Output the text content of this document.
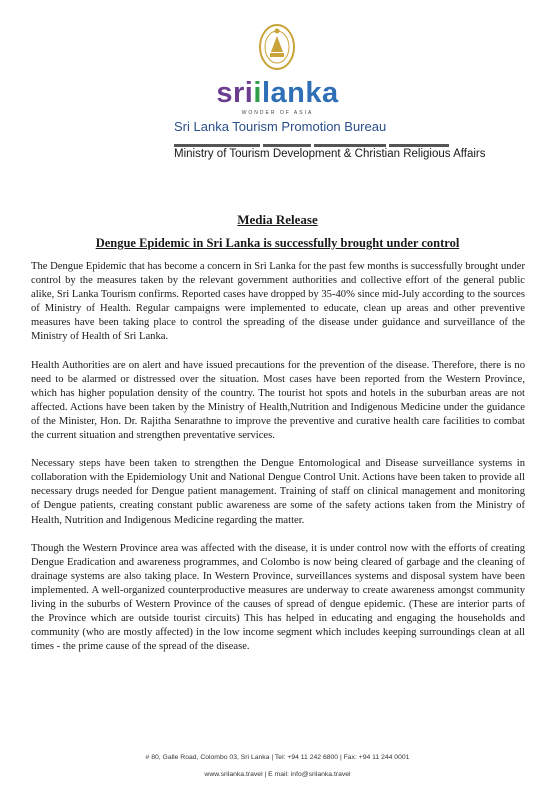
sriilanka
WONDER OF ASIA
Sri Lanka Tourism Promotion Bureau
Ministry of Tourism Development & Christian Religious Affairs
Media Release
Dengue Epidemic in Sri Lanka is successfully brought under control

The Dengue Epidemic that has become a concern in Sri Lanka for the past few months is successfully brought under control by the measures taken by the relevant government authorities and collective effort of the general public alike, Sri Lanka Tourism confirms. Reported cases have dropped by 35-40% since mid-July according to the sources of Ministry of Health. Regular campaigns were implemented to educate, clean up areas and other preventive measures have been taking place to control the spreading of the disease under guidance and surveillance of the Ministry of Health of Sri Lanka.

Health Authorities are on alert and have issued precautions for the prevention of the disease. Therefore, there is no need to be alarmed or distressed over the situation. Most cases have been reported from the Western Province, which has higher population density of the country. The tourist hot spots and hotels in the suburban areas are not affected. Actions have been taken by the Ministry of Health,Nutrition and Indigenous Medicine under the guidance of the Minister, Hon. Dr. Rajitha Senarathne to improve the preventive and curative health care facilities to combat the current situation and strengthen preventative services.

Necessary steps have been taken to strengthen the Dengue Entomological and Disease surveillance systems in collaboration with the Epidemiology Unit and National Dengue Control Unit. Actions have been taken to provide all necessary drugs needed for Dengue patient management. Training of staff on clinical management and monitoring of Dengue patients, creating constant public awareness are some of the safety actions taken from the Ministry of Health, Nutrition and Indigenous Medicine regarding the matter.

Though the Western Province area was affected with the disease, it is under control now with the efforts of creating Dengue Eradication and awareness programmes, and Colombo is now being cleared of garbage and the cleaning of drainage systems are also taking place. In Western Province, surveillances systems and disposal system have been implemented. A well-organized counterproductive measures are underway to create awareness amongst community living in the suburbs of Western Province of the causes of spread of dengue epidemic. (These are interior parts of the Province which are outside tourist circuits) This has helped in educating and engaging the households and community (who are mostly affected) in the low income segment which includes keeping surroundings clean at all times - the prime cause of the spread of the disease.

# 80, Galle Road, Colombo 03, Sri Lanka | Tel: +94 11 242 6800 | Fax: +94 11 244 0001
www.srilanka.travel | E mail: info@srilanka.travel
